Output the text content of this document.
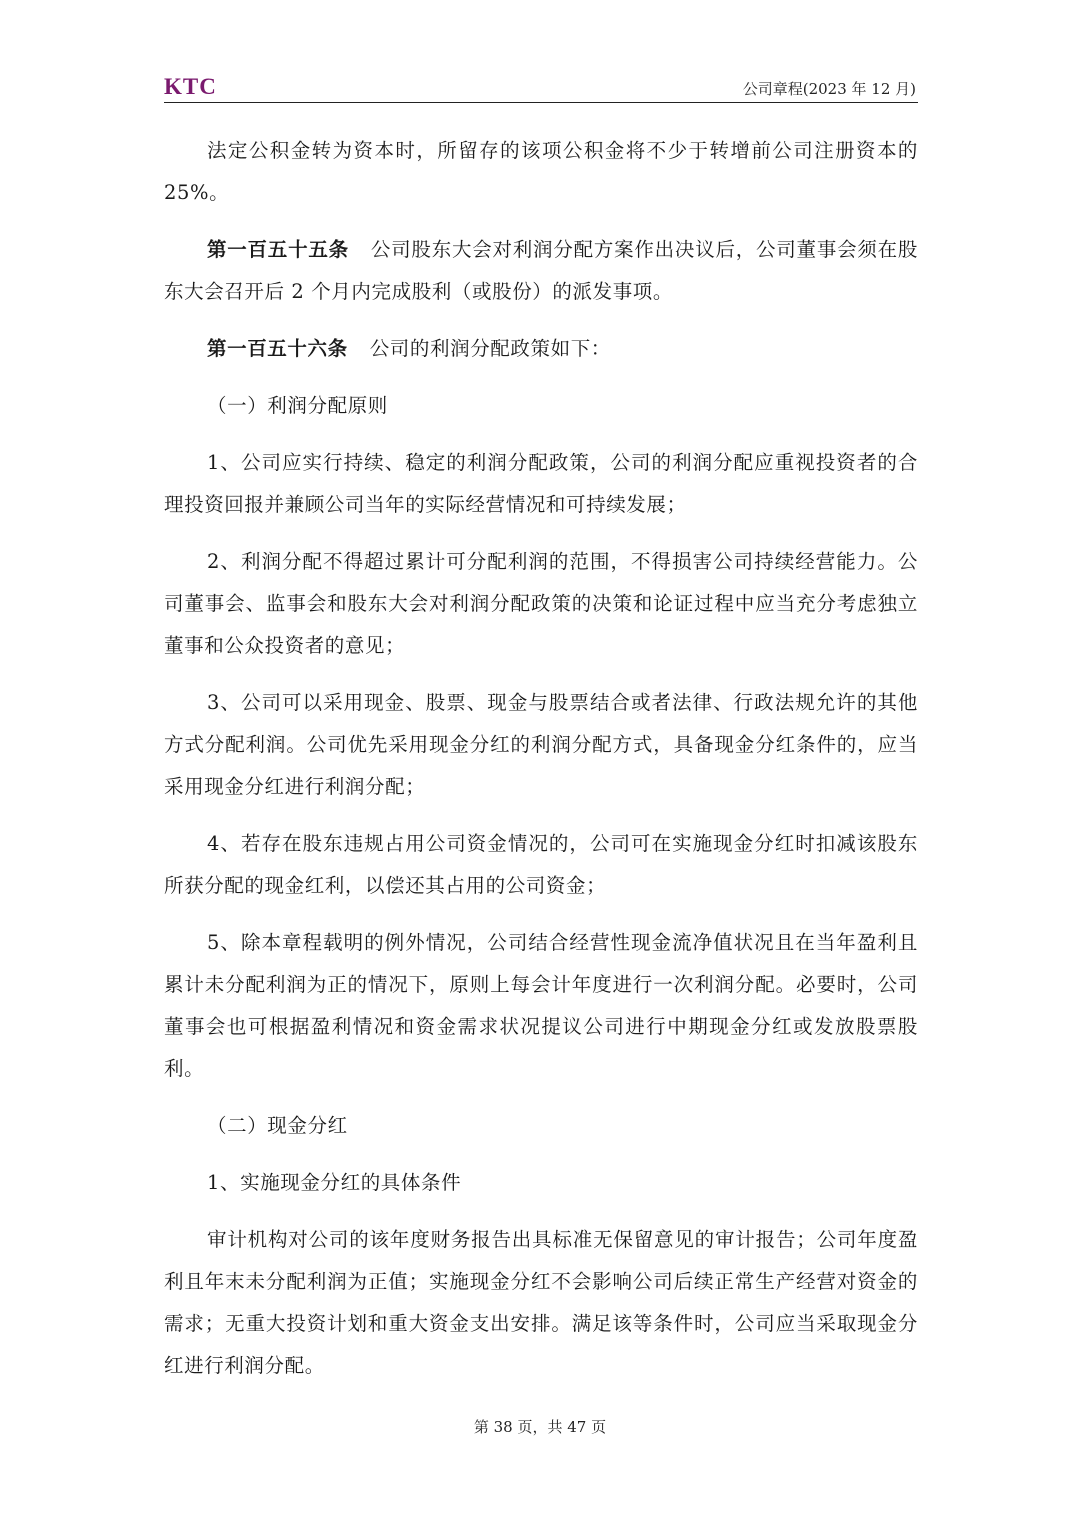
KTC	公司章程(2023 年 12 月)

法定公积金转为资本时，所留存的该项公积金将不少于转增前公司注册资本的 25%。

第一百五十五条 公司股东大会对利润分配方案作出决议后，公司董事会须在股东大会召开后 2 个月内完成股利（或股份）的派发事项。

第一百五十六条 公司的利润分配政策如下：

（一）利润分配原则

1、公司应实行持续、稳定的利润分配政策，公司的利润分配应重视投资者的合理投资回报并兼顾公司当年的实际经营情况和可持续发展；

2、利润分配不得超过累计可分配利润的范围，不得损害公司持续经营能力。公司董事会、监事会和股东大会对利润分配政策的决策和论证过程中应当充分考虑独立董事和公众投资者的意见；

3、公司可以采用现金、股票、现金与股票结合或者法律、行政法规允许的其他方式分配利润。公司优先采用现金分红的利润分配方式，具备现金分红条件的，应当采用现金分红进行利润分配；

4、若存在股东违规占用公司资金情况的，公司可在实施现金分红时扣减该股东所获分配的现金红利，以偿还其占用的公司资金；

5、除本章程载明的例外情况，公司结合经营性现金流净值状况且在当年盈利且累计未分配利润为正的情况下，原则上每会计年度进行一次利润分配。必要时，公司董事会也可根据盈利情况和资金需求状况提议公司进行中期现金分红或发放股票股利。

（二）现金分红

1、实施现金分红的具体条件

审计机构对公司的该年度财务报告出具标准无保留意见的审计报告；公司年度盈利且年末未分配利润为正值；实施现金分红不会影响公司后续正常生产经营对资金的需求；无重大投资计划和重大资金支出安排。满足该等条件时，公司应当采取现金分红进行利润分配。

第 38 页，共 47 页
